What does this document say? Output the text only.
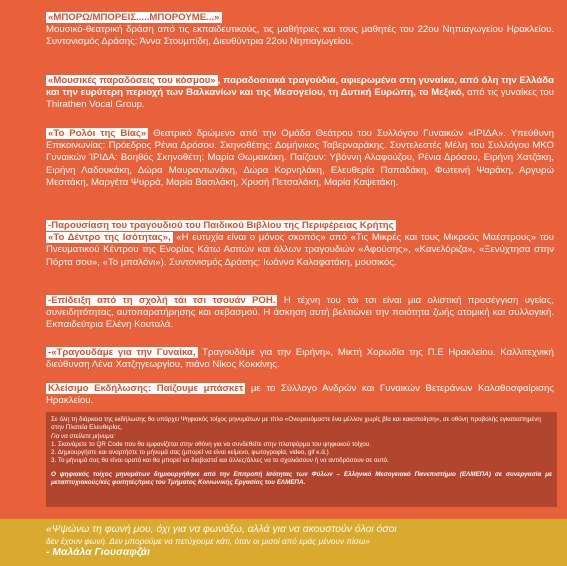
«ΜΠΟΡΩ/ΜΠΟΡΕΙΣ.....ΜΠΟΡΟΥΜΕ...»
Μουσικό-θεατρική δράση από τις εκπαιδευτικούς, τις μαθήτριες και τους μαθητές του 22ου Νηπιαγωγείου Ηρακλείου. Συντονισμός Δράσης: Άννα Στουμπίδη, Διευθύντρια 22ου Νηπιαγωγείου.
«Μουσικές παραδόσεις του κόσμου» , παραδοσιακά τραγούδια, αφιερωμένα στη γυναίκα, από όλη την Ελλάδα και την ευρύτερη περιοχή των Βαλκανίων και της Μεσογείου, τη Δυτική Ευρώπη, το Μεξικό, από τις γυναίκες του Thirathen Vocal Group.
«Το Ρολόι της Βίας» Θεατρικό δρώμενο από την Ομάδα Θεάτρου του Συλλόγου Γυναικών «ΙΡΙΔΑ». Υπεύθυνη Επικοινωνίας: Πρόεδρος Ρένια Δρόσου. Σκηνοθέτης: Δομήνικος Ταβερναράκης. Συντελεστές Μέλη του Συλλόγου ΜΚΟ Γυναικών ΊΡΙΔΑ: Βοηθός Σκηνοθέτη: Μαρία Θωμακάκη. Παίζουν: Υβόννη Αλαφούζου, Ρένια Δρόσου, Ειρήνη Χατζάκη, Ειρήνη Λαδουκάκη, Δώρα Μαυραντωνάκη, Δώρα Κορνηλάκη, Ελευθερία Παπαδάκη, Φωτεινή Ψαράκη, Αργυρώ Μεσιτάκη, Μαργέτα Ψυρρά, Μαρία Βασιλάκη, Χρυσή Πετσαλάκη, Μαρία Καψετάκη.
-Παρουσίαση του τραγουδιού του Παιδικού Βιβλίου της Περιφέρειας Κρήτης
«Το Δέντρο της Ισότητας», «Η ευτυχία είναι ο μόνος σκοπός» από «Τις Μικρές και τους Μικρούς Μαέστρους» του Πνευματικού Κέντρου της Ενορίας Κάτω Ασιτών και άλλων τραγουδιών «Αφούσης», «Κανελόριζα», «Ξενύχτησα στην Πόρτα σου», «Το μπαλόνι»). Συντονισμός Δράσης: Ιωάννα Καλαφατάκη, μουσικός.
-Επίδειξη από τη σχολή τάι τσι τσουάν ΡΟΗ. Η τέχνη του τάι τσι είναι μια ολιστική προσέγγιση υγείας, συνειδητότητας, αυτοπαρατήρησης και σεβασμού. Η άσκηση αυτή βελτιώνει την ποιότητα ζωής ατομική και συλλογική. Εκπαιδεύτρια Ελένη Κουταλά.
-«Τραγουδάμε για την Γυναίκα, Τραγουδάμε για την Ειρήνη», Μικτή Χορωδία της Π.Ε Ηρακλείου. Καλλιτεχνική διεύθυνση Λένα Χατζηγεωργίου, πιάνο Νίκος Κοκκίνης.
Κλείσιμο Εκδήλωσης: Παίζουμε μπάσκετ με το Σύλλογο Ανδρών και Γυναικών Βετεράνων Καλαθοσφαίρισης Ηρακλείου.

Σε όλη τη διάρκεια της εκδήλωσης θα υπάρχει Ψηφιακός τοίχος μηνυμάτων με τίτλο «Ονειρευόμαστε ένα μέλλον χωρίς βία και κακοποίηση», σε οθόνη προβολής εγκατεστημένη στην Πλατεία Ελευθερίας.

Για να στείλετε μήνυμα:

1. Σκανάρετε το QR Code που θα εμφανίζεται στην οθόνη για να συνδεθείτε στην πλατφόρμα του ψηφιακού τοίχου.

2. Δημιουργήστε και αναρτήστε το μήνυμά σας (μπορεί να είναι κείμενο, φωτογραφία, video, gif κ.ά.)

3. Το μήνυμά σας θα είναι ορατό και θα μπορεί να διαβαστεί και άλλες/άλλες να το σχολιάσουν ή να αντιδράσουν σε αυτό.

Ο ψηφιακός τοίχος μηνυμάτων δημιουργήθηκε από την Επιτροπή Ισότητας των Φύλων – Ελληνικό Μεσογειακό Πανεπιστήμιο (ΕΛΜΕΠΑ) σε συνεργασία με μεταπτυχιακούς/κές φοιτητές/τριες του Τμήματος Κοινωνικής Εργασίας του ΕΛΜΕΠΑ.

«Ψψώνω τη φωνή μου, όχι για να φωνάξω, αλλά για να ακουστούν όλοι όσοι
δεν έχουν φωνή. Δεν μπορούμε να πετύχουμε κάτι, όταν οι μισοί από εμάς μένουν πίσω»
- Μαλάλα Γιουσαφζάι
